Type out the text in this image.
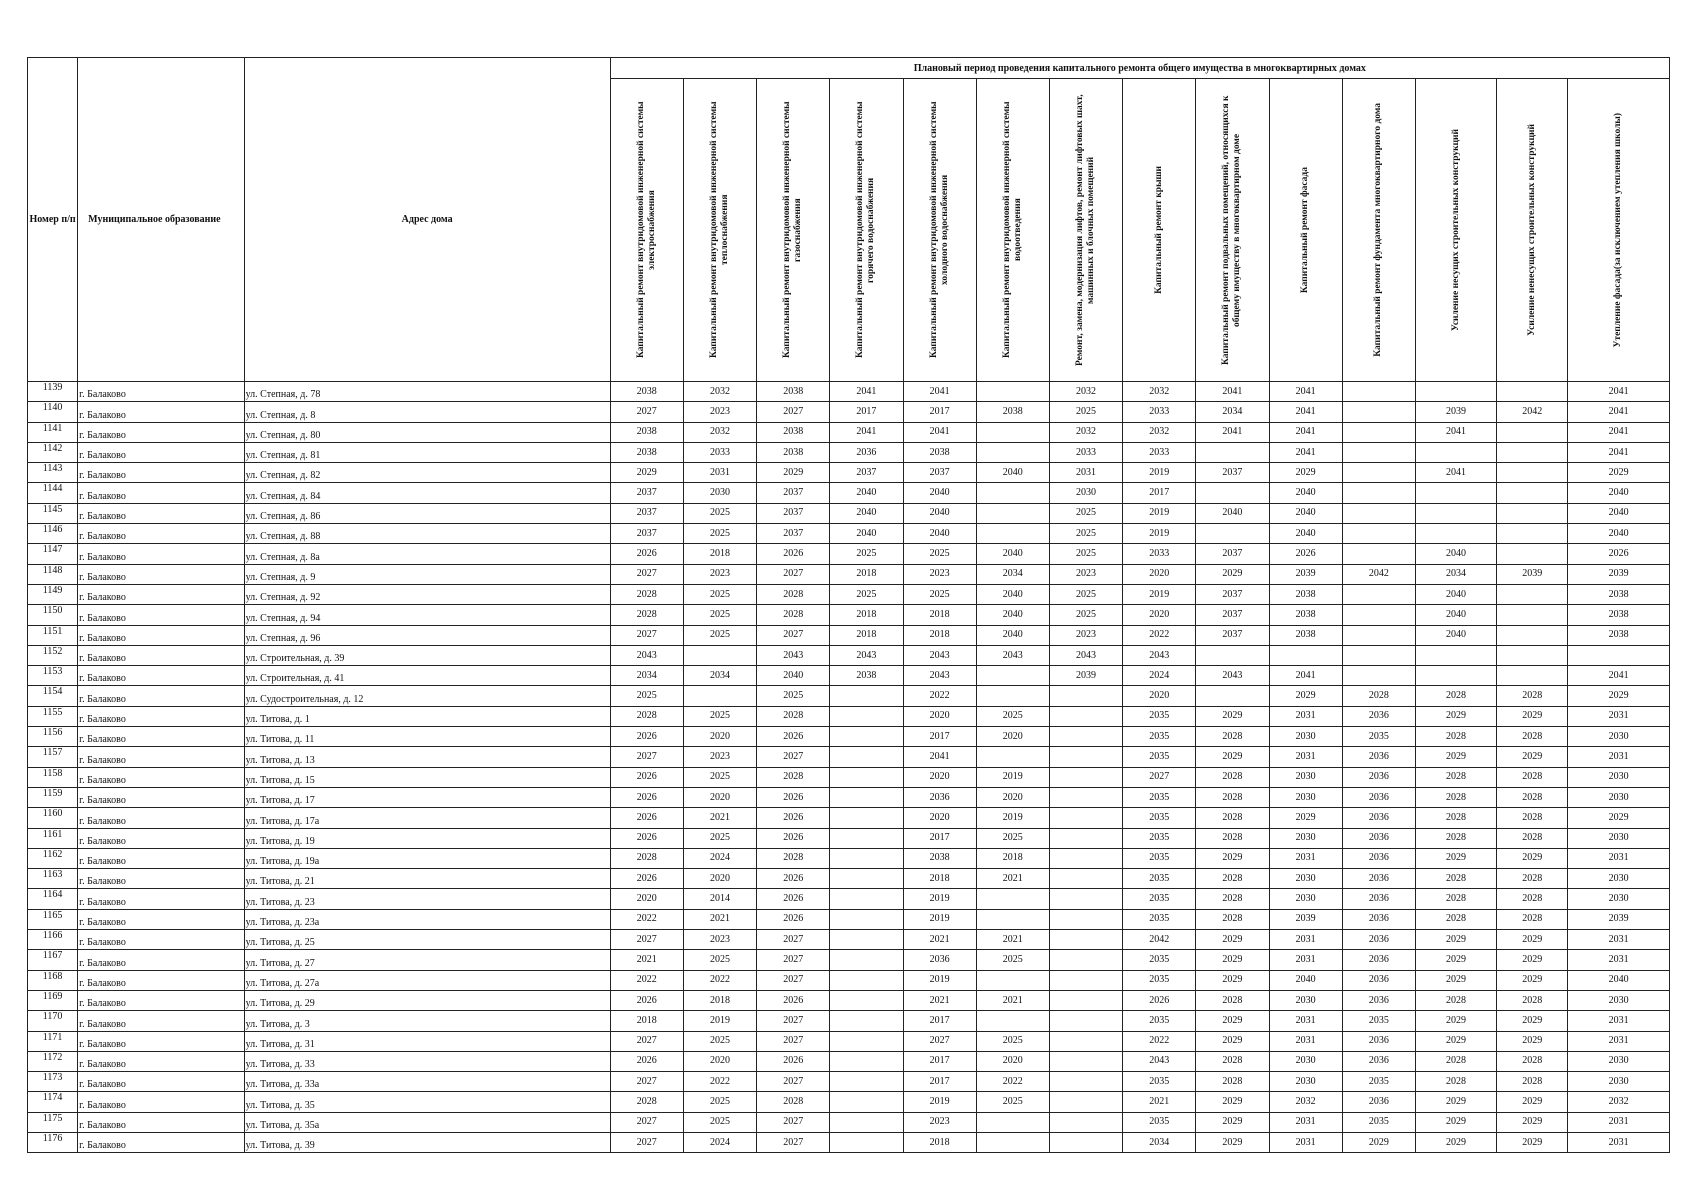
Номер п/п	Муниципальное образование	Адрес дома	Плановый период проведения капитального ремонта общего имущества в многоквартирных домах													

			Капитальный ремонт внутридомовой инженерной системы электроснабжения	Капитальный ремонт внутридомовой инженерной системы теплоснабжения	Капитальный ремонт внутридомовой инженерной системы газоснабжения	Капитальный ремонт внутридомовой инженерной системы горячего водоснабжения	Капитальный ремонт внутридомовой инженерной системы холодного водоснабжения	Капитальный ремонт внутридомовой инженерной системы водоотведения	Ремонт, замена, модернизация лифтов, ремонт лифтовых шахт, машинных и блочных помещений	Капитальный ремонт крыши	Капитальный ремонт подвальных помещений, относящихся к общему имуществу в многоквартирном доме	Капитальный ремонт фасада	Капитальный ремонт фундамента многоквартирного дома	Усиление несущих строительных конструкций	Усиление ненесущих строительных конструкций	Утепление фасада(за исключением утепления школы)

1139	г. Балаково	ул. Степная, д. 78	2038	2032	2038	2041	2041		2032	2032	2041	2041				2041
1140	г. Балаково	ул. Степная, д. 8	2027	2023	2027	2017	2017	2038	2025	2033	2034	2041		2039	2042	2041
1141	г. Балаково	ул. Степная, д. 80	2038	2032	2038	2041	2041		2032	2032	2041	2041		2041		2041
1142	г. Балаково	ул. Степная, д. 81	2038	2033	2038	2036	2038		2033	2033		2041				2041
1143	г. Балаково	ул. Степная, д. 82	2029	2031	2029	2037	2037	2040	2031	2019	2037	2029		2041		2029
1144	г. Балаково	ул. Степная, д. 84	2037	2030	2037	2040	2040		2030	2017		2040				2040
1145	г. Балаково	ул. Степная, д. 86	2037	2025	2037	2040	2040		2025	2019	2040	2040				2040
1146	г. Балаково	ул. Степная, д. 88	2037	2025	2037	2040	2040		2025	2019		2040				2040
1147	г. Балаково	ул. Степная, д. 8а	2026	2018	2026	2025	2025	2040	2025	2033	2037	2026		2040		2026
1148	г. Балаково	ул. Степная, д. 9	2027	2023	2027	2018	2023	2034	2023	2020	2029	2039	2042	2034	2039	2039
1149	г. Балаково	ул. Степная, д. 92	2028	2025	2028	2025	2025	2040	2025	2019	2037	2038		2040		2038
1150	г. Балаково	ул. Степная, д. 94	2028	2025	2028	2018	2018	2040	2025	2020	2037	2038		2040		2038
1151	г. Балаково	ул. Степная, д. 96	2027	2025	2027	2018	2018	2040	2023	2022	2037	2038		2040		2038
1152	г. Балаково	ул. Строительная, д. 39	2043		2043	2043	2043	2043	2043	2043						
1153	г. Балаково	ул. Строительная, д. 41	2034	2034	2040	2038	2043		2039	2024	2043	2041				2041
1154	г. Балаково	ул. Судостроительная, д. 12	2025		2025		2022			2020		2029	2028	2028	2028	2029
1155	г. Балаково	ул. Титова, д. 1	2028	2025	2028		2020	2025		2035	2029	2031	2036	2029	2029	2031
1156	г. Балаково	ул. Титова, д. 11	2026	2020	2026		2017	2020		2035	2028	2030	2035	2028	2028	2030
1157	г. Балаково	ул. Титова, д. 13	2027	2023	2027		2041			2035	2029	2031	2036	2029	2029	2031
1158	г. Балаково	ул. Титова, д. 15	2026	2025	2028		2020	2019		2027	2028	2030	2036	2028	2028	2030
1159	г. Балаково	ул. Титова, д. 17	2026	2020	2026		2036	2020		2035	2028	2030	2036	2028	2028	2030
1160	г. Балаково	ул. Титова, д. 17а	2026	2021	2026		2020	2019		2035	2028	2029	2036	2028	2028	2029
1161	г. Балаково	ул. Титова, д. 19	2026	2025	2026		2017	2025		2035	2028	2030	2036	2028	2028	2030
1162	г. Балаково	ул. Титова, д. 19а	2028	2024	2028		2038	2018		2035	2029	2031	2036	2029	2029	2031
1163	г. Балаково	ул. Титова, д. 21	2026	2020	2026		2018	2021		2035	2028	2030	2036	2028	2028	2030
1164	г. Балаково	ул. Титова, д. 23	2020	2014	2026		2019			2035	2028	2030	2036	2028	2028	2030
1165	г. Балаково	ул. Титова, д. 23а	2022	2021	2026		2019			2035	2028	2039	2036	2028	2028	2039
1166	г. Балаково	ул. Титова, д. 25	2027	2023	2027		2021	2021		2042	2029	2031	2036	2029	2029	2031
1167	г. Балаково	ул. Титова, д. 27	2021	2025	2027		2036	2025		2035	2029	2031	2036	2029	2029	2031
1168	г. Балаково	ул. Титова, д. 27а	2022	2022	2027		2019			2035	2029	2040	2036	2029	2029	2040
1169	г. Балаково	ул. Титова, д. 29	2026	2018	2026		2021	2021		2026	2028	2030	2036	2028	2028	2030
1170	г. Балаково	ул. Титова, д. 3	2018	2019	2027		2017			2035	2029	2031	2035	2029	2029	2031
1171	г. Балаково	ул. Титова, д. 31	2027	2025	2027		2027	2025		2022	2029	2031	2036	2029	2029	2031
1172	г. Балаково	ул. Титова, д. 33	2026	2020	2026		2017	2020		2043	2028	2030	2036	2028	2028	2030
1173	г. Балаково	ул. Титова, д. 33а	2027	2022	2027		2017	2022		2035	2028	2030	2035	2028	2028	2030
1174	г. Балаково	ул. Титова, д. 35	2028	2025	2028		2019	2025		2021	2029	2032	2036	2029	2029	2032
1175	г. Балаково	ул. Титова, д. 35а	2027	2025	2027		2023			2035	2029	2031	2035	2029	2029	2031
1176	г. Балаково	ул. Титова, д. 39	2027	2024	2027		2018			2034	2029	2031	2029	2029	2029	2031
